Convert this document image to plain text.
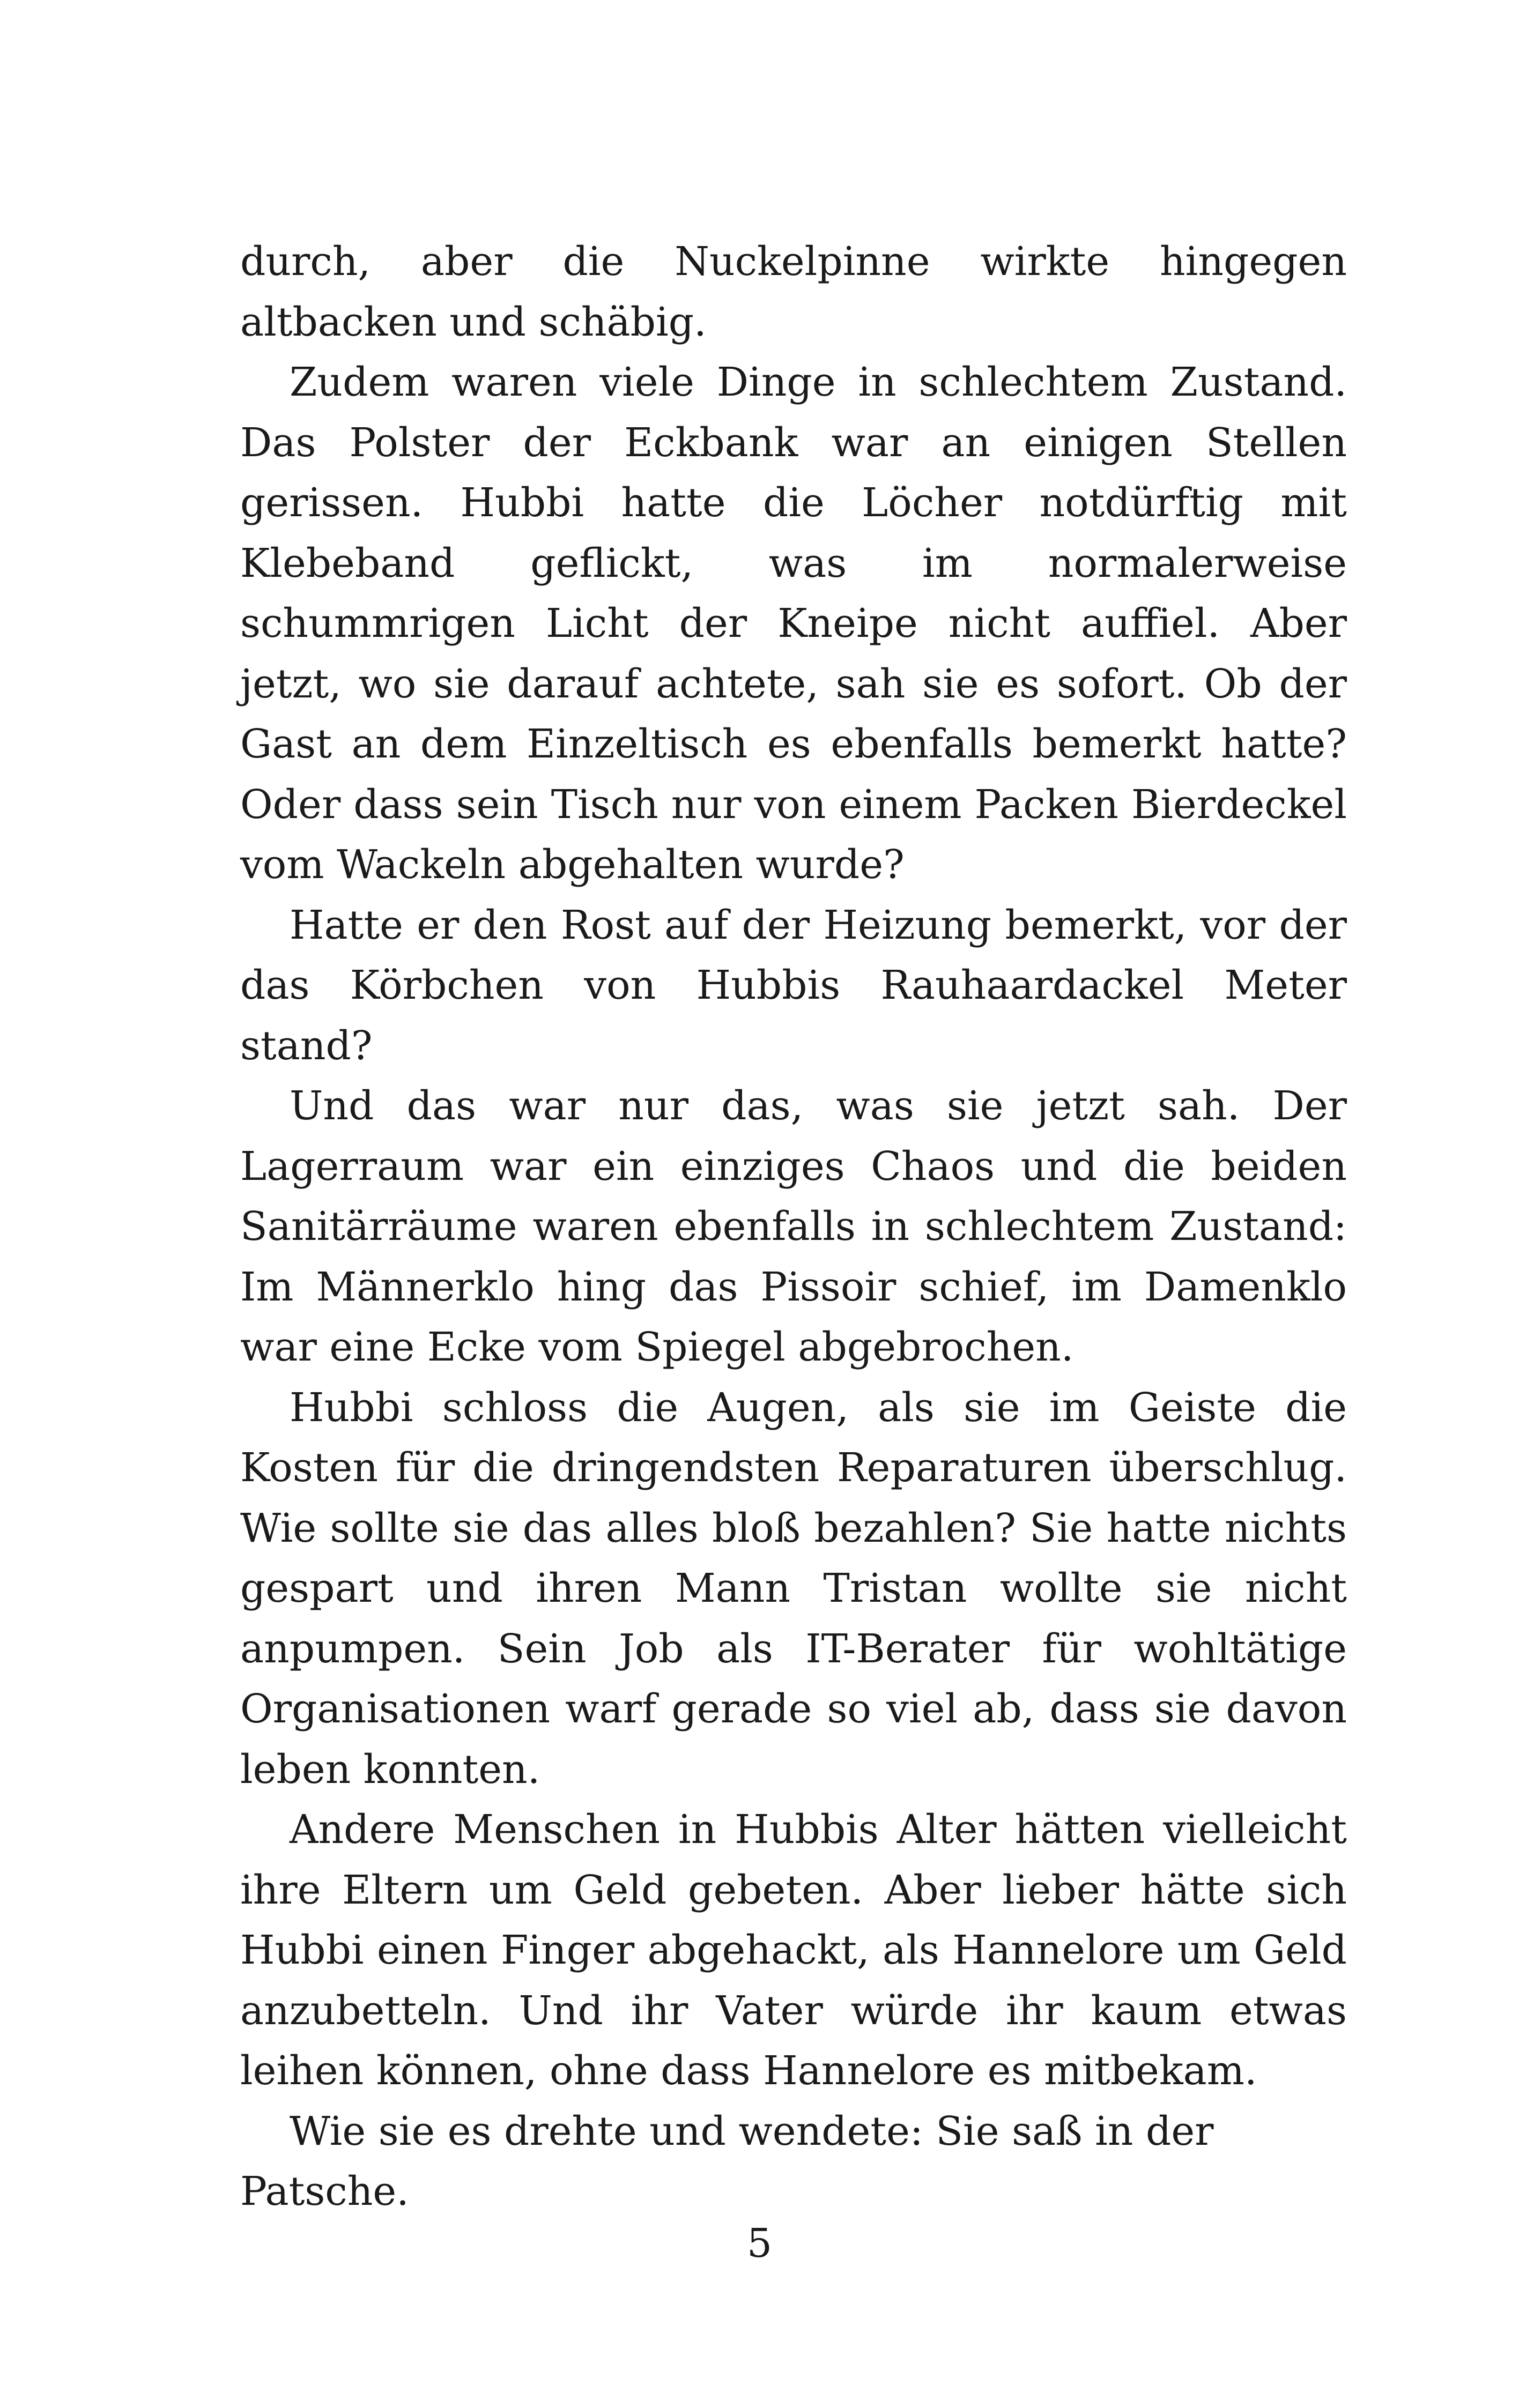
durch, aber die Nuckelpinne wirkte hingegen altbacken und schäbig.

Zudem waren viele Dinge in schlechtem Zustand. Das Polster der Eckbank war an einigen Stellen gerissen. Hubbi hatte die Löcher notdürftig mit Klebeband geflickt, was im normalerweise schummrigen Licht der Kneipe nicht auffiel. Aber jetzt, wo sie darauf achtete, sah sie es sofort. Ob der Gast an dem Einzeltisch es ebenfalls bemerkt hatte? Oder dass sein Tisch nur von einem Packen Bierdeckel vom Wackeln abgehalten wurde?

Hatte er den Rost auf der Heizung bemerkt, vor der das Körbchen von Hubbis Rauhaardackel Meter stand?

Und das war nur das, was sie jetzt sah. Der Lagerraum war ein einziges Chaos und die beiden Sanitärräume waren ebenfalls in schlechtem Zustand: Im Männerklo hing das Pissoir schief, im Damenklo war eine Ecke vom Spiegel abgebrochen.

Hubbi schloss die Augen, als sie im Geiste die Kosten für die dringendsten Reparaturen überschlug. Wie sollte sie das alles bloß bezahlen? Sie hatte nichts gespart und ihren Mann Tristan wollte sie nicht anpumpen. Sein Job als IT-Berater für wohltätige Organisationen warf gerade so viel ab, dass sie davon leben konnten.

Andere Menschen in Hubbis Alter hätten vielleicht ihre Eltern um Geld gebeten. Aber lieber hätte sich Hubbi einen Finger abgehackt, als Hannelore um Geld anzubetteln. Und ihr Vater würde ihr kaum etwas leihen können, ohne dass Hannelore es mitbekam.

Wie sie es drehte und wendete: Sie saß in der Patsche.

5
